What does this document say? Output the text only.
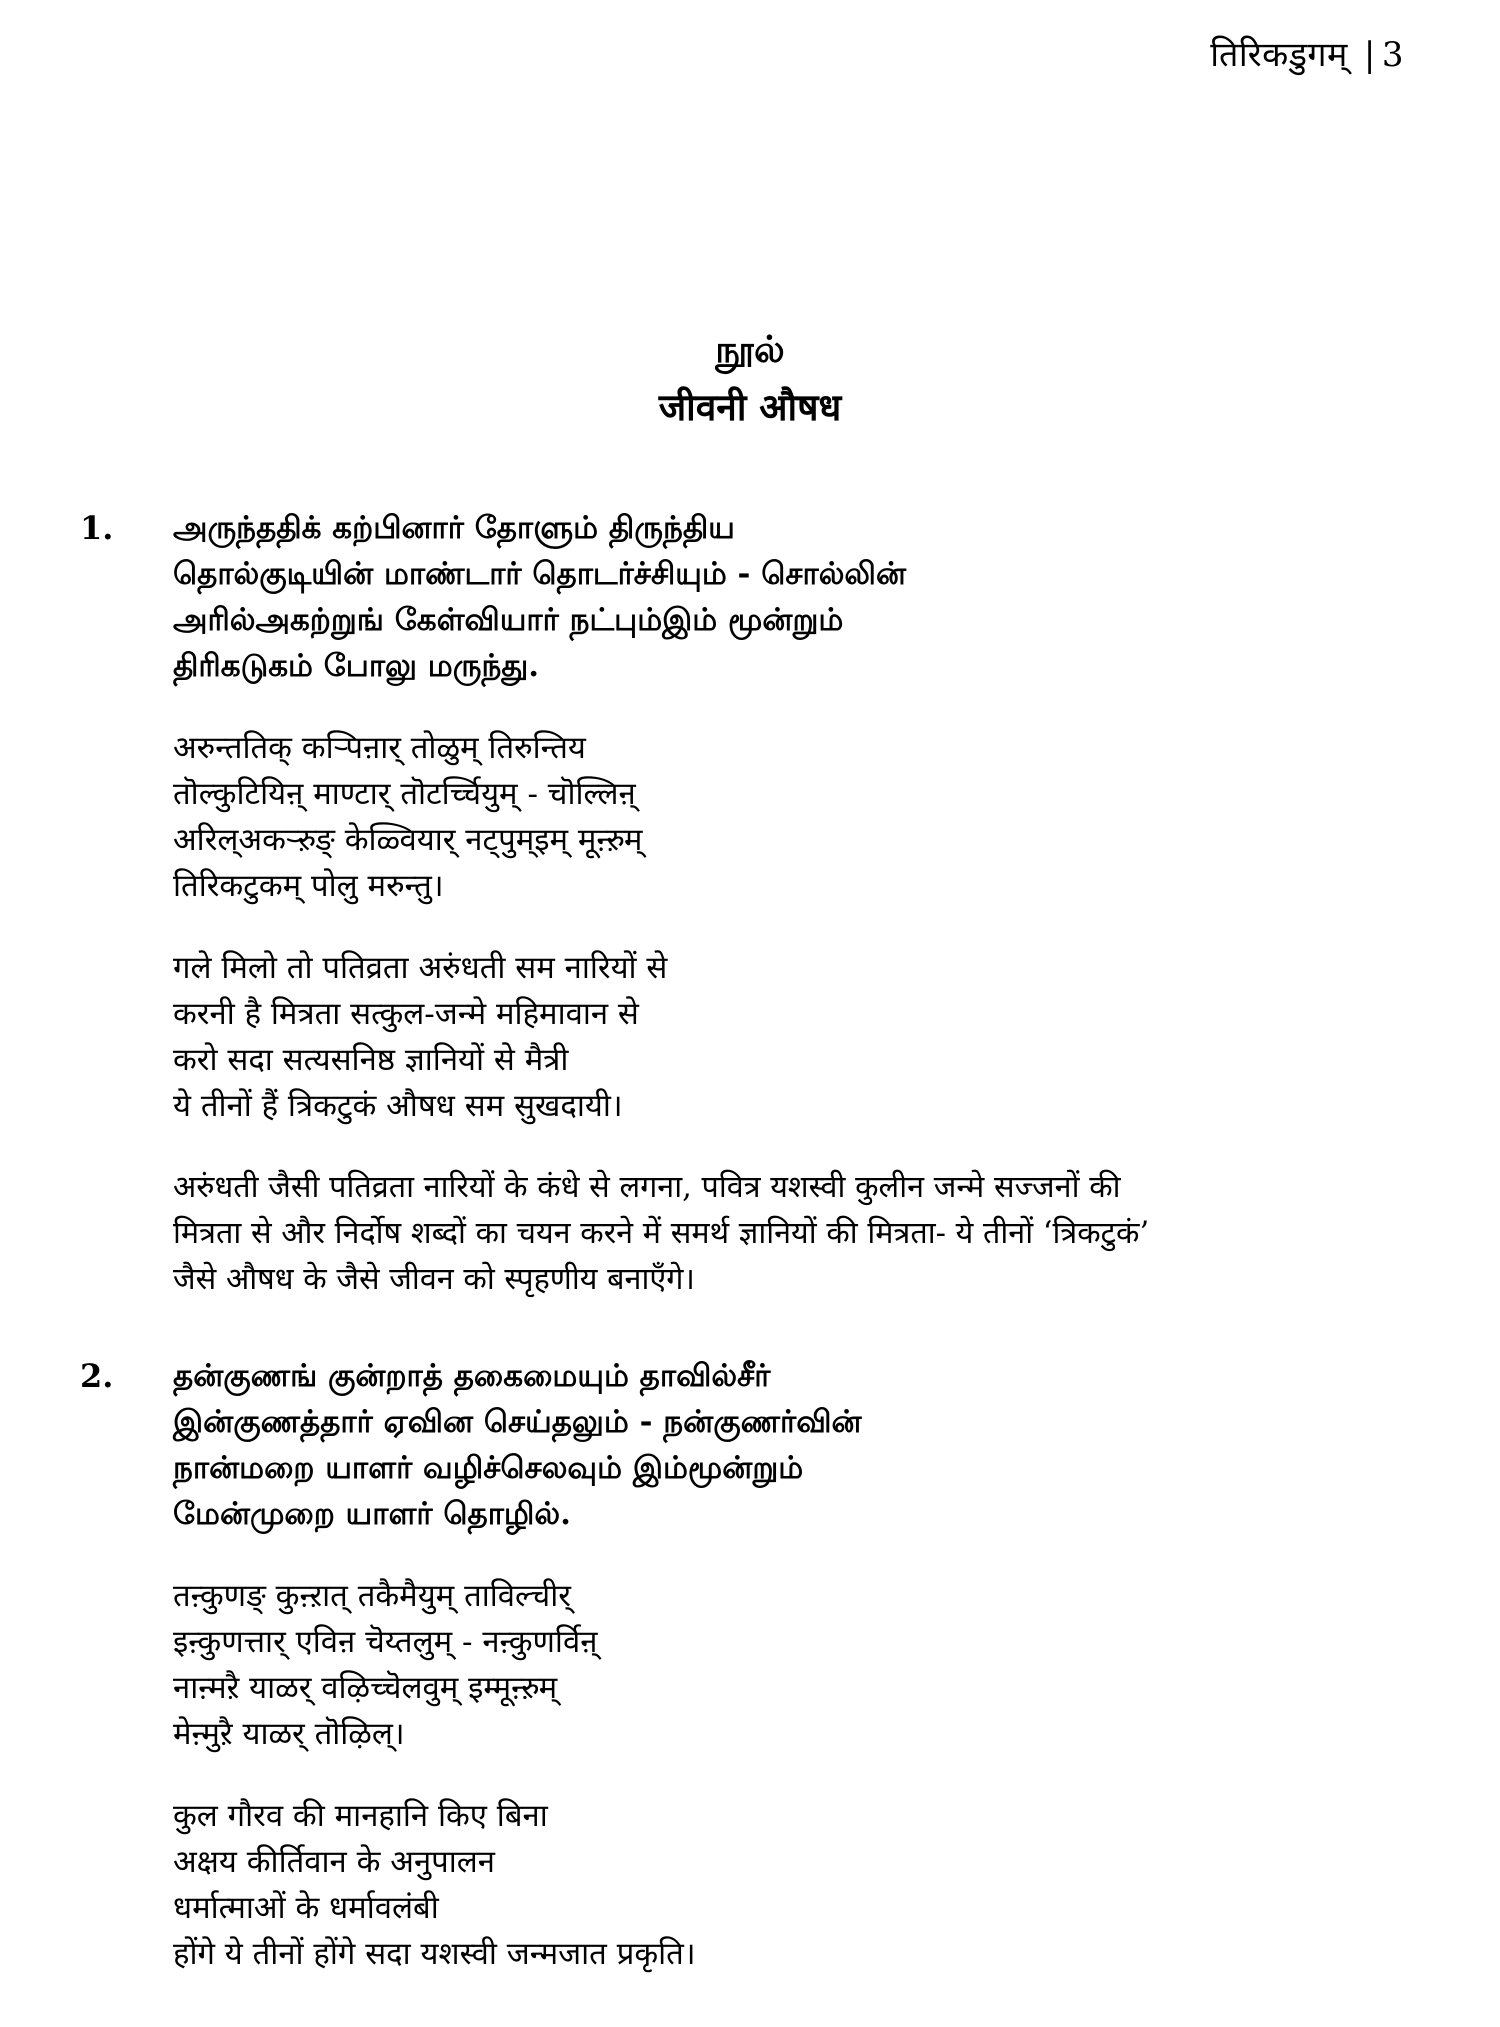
तिरिकडुगम् | 3
நூல்
जीवनी औषध
1. அருந்ததிக் கற்பினார் தோளும் திருந்திய
தொல்குடியின் மாண்டார் தொடர்ச்சியும் - சொல்லின்
அரில்அகற்றுங் கேள்வியார் நட்பும்இம் மூன்றும்
திரிகடுகம் போலு மருந்து.
अरुन्ततिक् कऱ्पिऩार् तोळुम् तिरुन्तिय
तॊल्कुटियिऩ् माण्टार् तॊटर्च्चियुम् - चॊल्लिऩ्
अरिल्अकऱ्ऱुङ् केळ्वियार् नट्पुम्इम् मूऩ्ऱुम्
तिरिकटुकम् पोलु मरुन्तु।
गले मिलो तो पतिव्रता अरुंधती सम नारियों से
करनी है मित्रता सत्कुल-जन्मे महिमावान से
करो सदा सत्यसनिष्ठ ज्ञानियों से मैत्री
ये तीनों हैं त्रिकटुकं औषध सम सुखदायी।
अरुंधती जैसी पतिव्रता नारियों के कंधे से लगना, पवित्र यशस्वी कुलीन जन्मे सज्जनों की
मित्रता से और निर्दोष शब्दों का चयन करने में समर्थ ज्ञानियों की मित्रता- ये तीनों ‘त्रिकटुकं’
जैसे औषध के जैसे जीवन को स्पृहणीय बनाएँगे।
2. தன்குணங் குன்றாத் தகைமையும் தாவில்சீர்
இன்குணத்தார் ஏவின செய்தலும் - நன்குணர்வின்
நான்மறை யாளர் வழிச்செலவும் இம்மூன்றும்
மேன்முறை யாளர் தொழில்.
तऩ्कुणङ् कुऩ्ऱात् तकैमैयुम् ताविल्चीर्
इऩ्कुणत्तार् एविऩ चॆय्तलुम् - नऩ्कुणर्विऩ्
नाऩ्मऱै याळर् वऴिच्चॆलवुम् इम्मूऩ्ऱुम्
मेऩ्मुऱै याळर् तॊऴिल्।
कुल गौरव की मानहानि किए बिना
अक्षय कीर्तिवान के अनुपालन
धर्मात्माओं के धर्मावलंबी
होंगे ये तीनों होंगे सदा यशस्वी जन्मजात प्रकृति।
